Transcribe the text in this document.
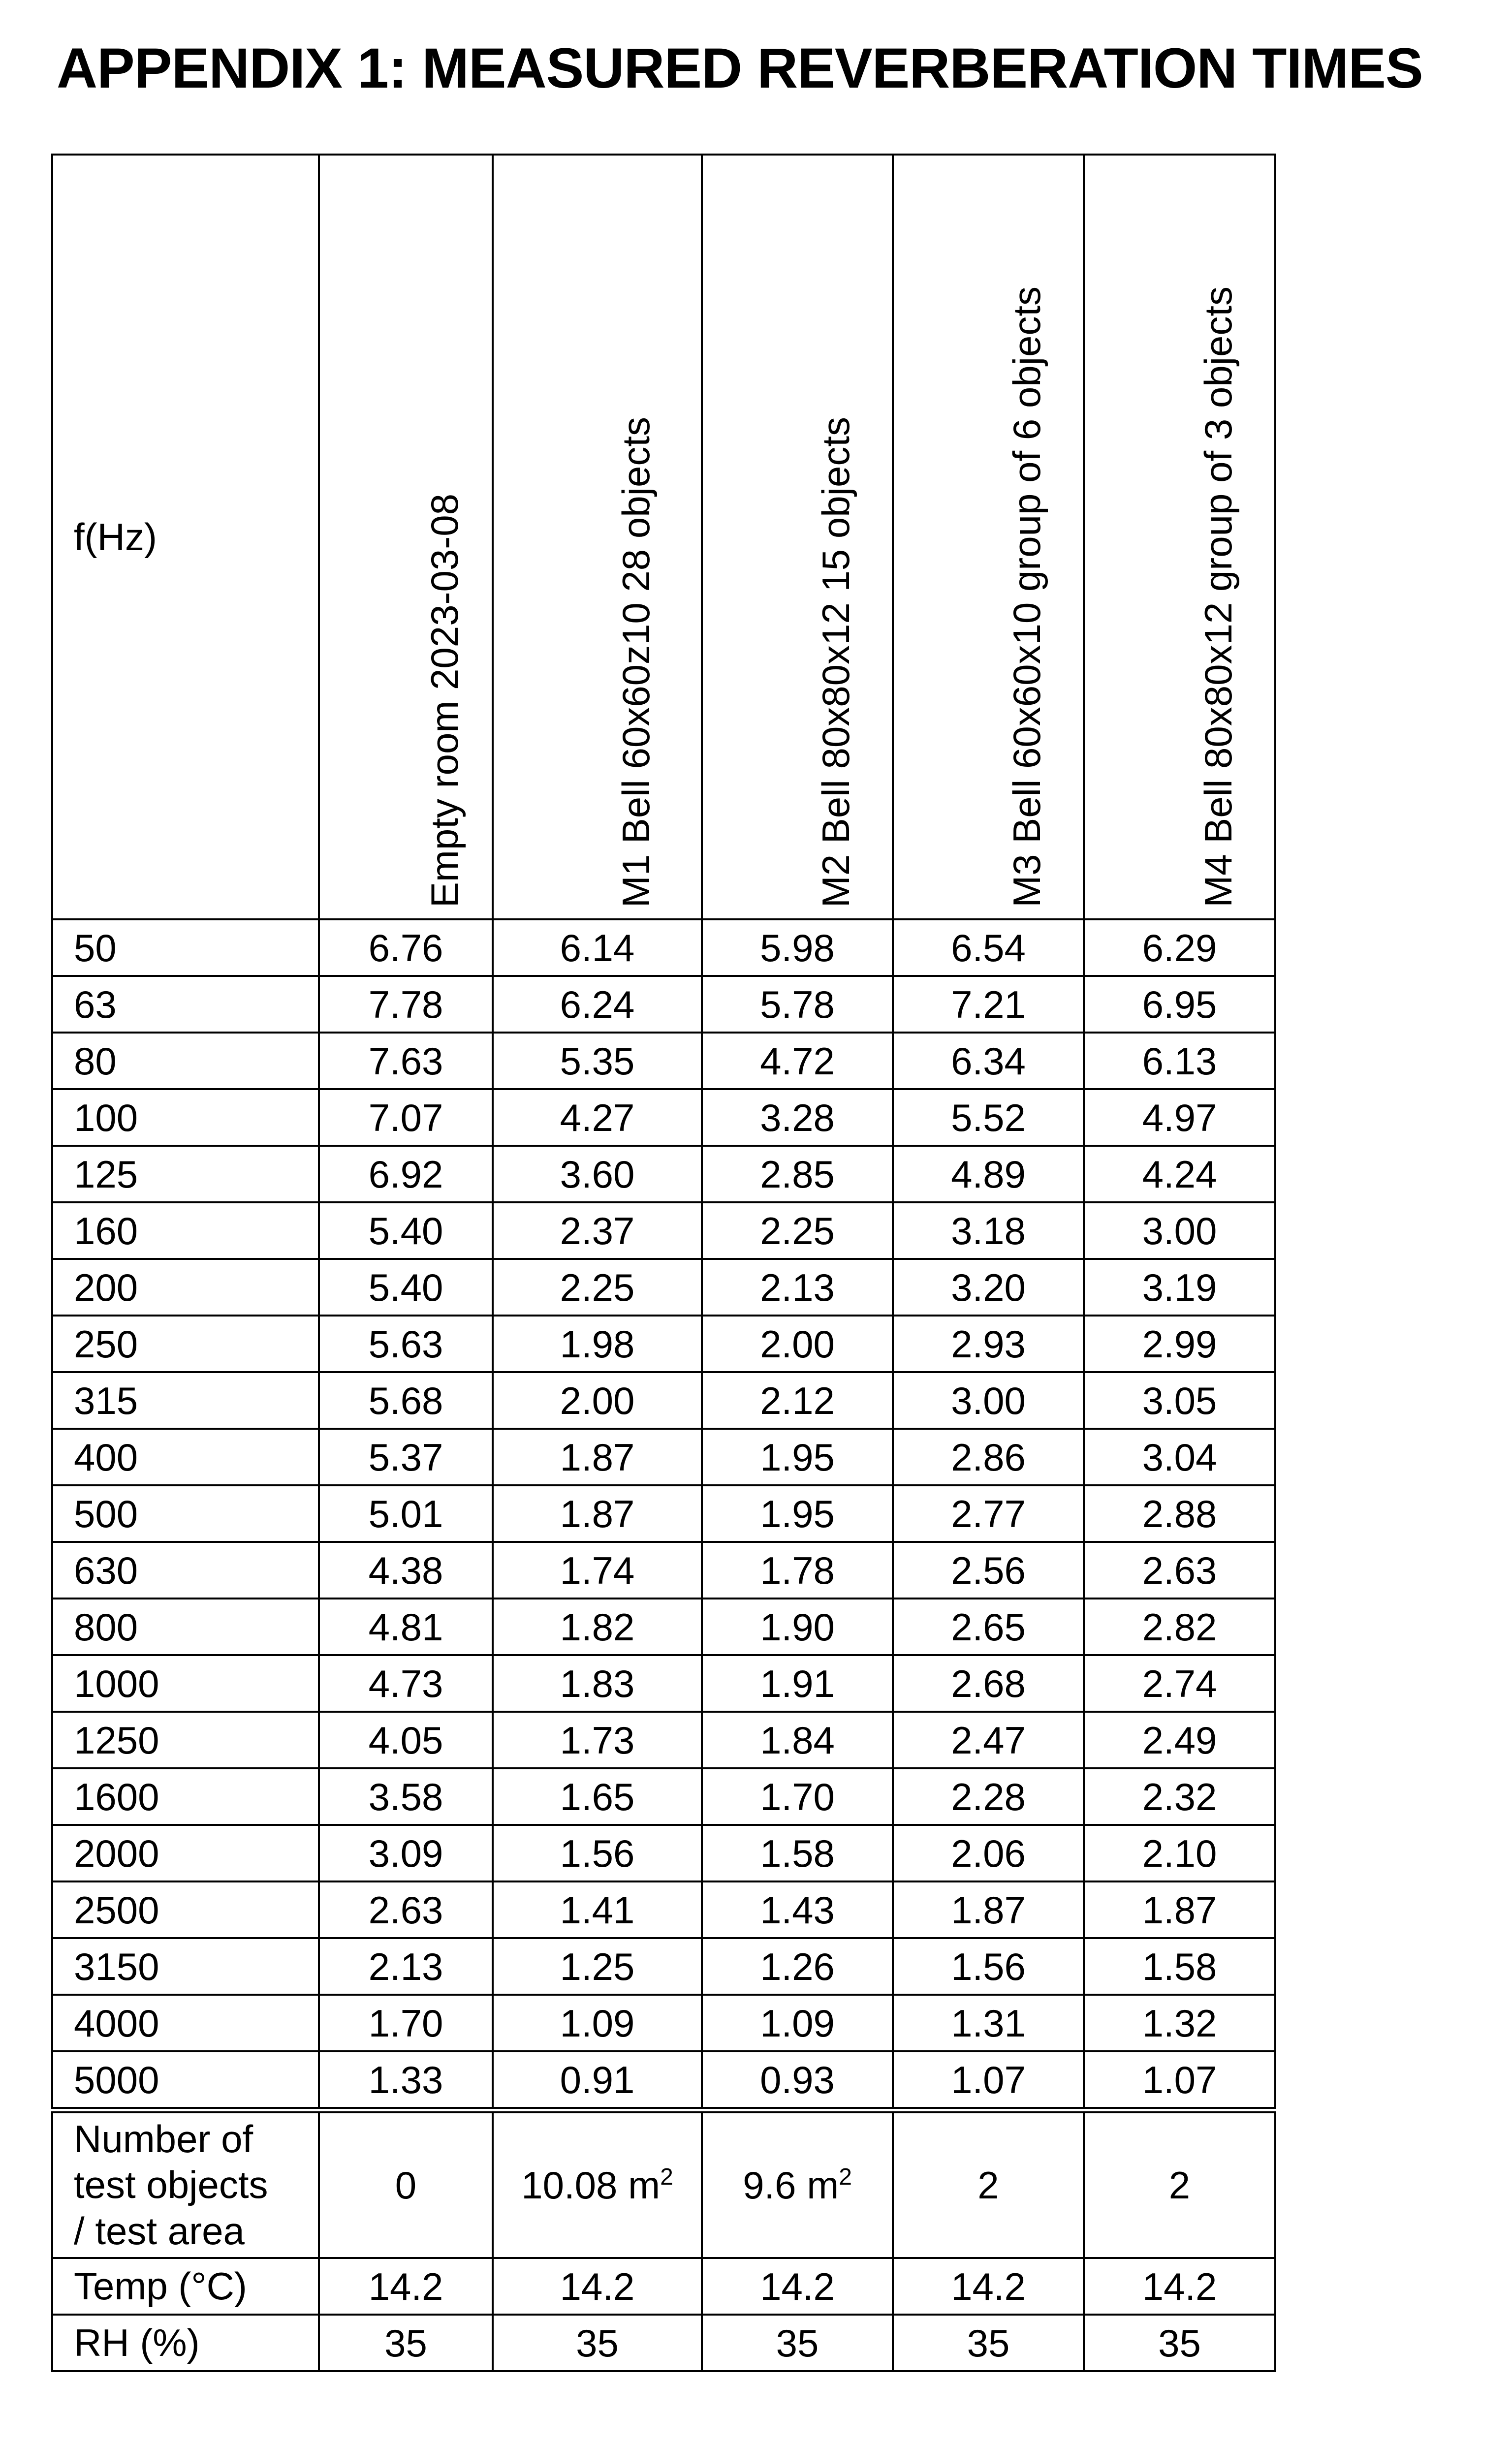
APPENDIX 1: MEASURED REVERBERATION TIMES
f(Hz)	Empty room 2023-03-08	M1 Bell 60x60z10 28 objects	M2 Bell 80x80x12 15 objects	M3 Bell 60x60x10 group of 6 objects	M4 Bell 80x80x12 group of 3 objects

50	6.76	6.14	5.98	6.54	6.29
63	7.78	6.24	5.78	7.21	6.95
80	7.63	5.35	4.72	6.34	6.13
100	7.07	4.27	3.28	5.52	4.97
125	6.92	3.60	2.85	4.89	4.24
160	5.40	2.37	2.25	3.18	3.00
200	5.40	2.25	2.13	3.20	3.19
250	5.63	1.98	2.00	2.93	2.99
315	5.68	2.00	2.12	3.00	3.05
400	5.37	1.87	1.95	2.86	3.04
500	5.01	1.87	1.95	2.77	2.88
630	4.38	1.74	1.78	2.56	2.63
800	4.81	1.82	1.90	2.65	2.82
1000	4.73	1.83	1.91	2.68	2.74
1250	4.05	1.73	1.84	2.47	2.49
1600	3.58	1.65	1.70	2.28	2.32
2000	3.09	1.56	1.58	2.06	2.10
2500	2.63	1.41	1.43	1.87	1.87
3150	2.13	1.25	1.26	1.56	1.58
4000	1.70	1.09	1.09	1.31	1.32
5000	1.33	0.91	0.93	1.07	1.07
Number of
test objects
/ test area	0	10.08 $m^2$	9.6 $m^2$	2	2
Temp (°C)	14.2	14.2	14.2	14.2	14.2
RH (%)	35	35	35	35	35
